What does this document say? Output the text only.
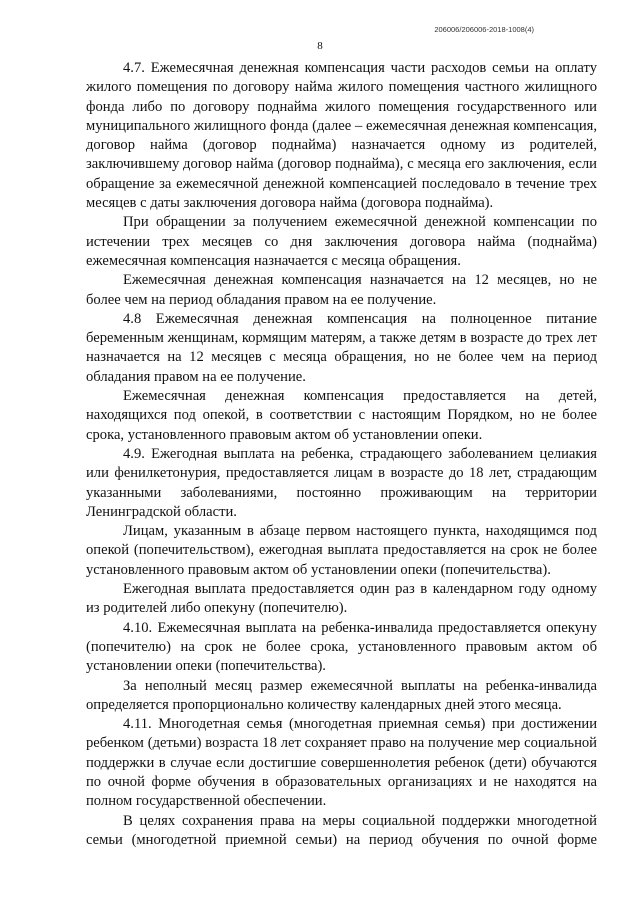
206006/206006-2018-1008(4)
8

4.7. Ежемесячная денежная компенсация части расходов семьи на оплату жилого помещения по договору найма жилого помещения частного жилищного фонда либо по договору поднайма жилого помещения государственного или муниципального жилищного фонда (далее – ежемесячная денежная компенсация, договор найма (договор поднайма) назначается одному из родителей, заключившему договор найма (договор поднайма), с месяца его заключения, если обращение за ежемесячной денежной компенсацией последовало в течение трех месяцев с даты заключения договора найма (договора поднайма).

При обращении за получением ежемесячной денежной компенсации по истечении трех месяцев со дня заключения договора найма (поднайма) ежемесячная компенсация назначается с месяца обращения.

Ежемесячная денежная компенсация назначается на 12 месяцев, но не более чем на период обладания правом на ее получение.

4.8 Ежемесячная денежная компенсация на полноценное питание беременным женщинам, кормящим матерям, а также детям в возрасте до трех лет назначается на 12 месяцев с месяца обращения, но не более чем на период обладания правом на ее получение.

Ежемесячная денежная компенсация предоставляется на детей, находящихся под опекой, в соответствии с настоящим Порядком, но не более срока, установленного правовым актом об установлении опеки.

4.9. Ежегодная выплата на ребенка, страдающего заболеванием целиакия или фенилкетонурия, предоставляется лицам в возрасте до 18 лет, страдающим указанными заболеваниями, постоянно проживающим на территории Ленинградской области.

Лицам, указанным в абзаце первом настоящего пункта, находящимся под опекой (попечительством), ежегодная выплата предоставляется на срок не более установленного правовым актом об установлении опеки (попечительства).

Ежегодная выплата предоставляется один раз в календарном году одному из родителей либо опекуну (попечителю).

4.10. Ежемесячная выплата на ребенка-инвалида предоставляется опекуну (попечителю) на срок не более срока, установленного правовым актом об установлении опеки (попечительства).

За неполный месяц размер ежемесячной выплаты на ребенка-инвалида определяется пропорционально количеству календарных дней этого месяца.

4.11. Многодетная семья (многодетная приемная семья) при достижении ребенком (детьми) возраста 18 лет сохраняет право на получение мер социальной поддержки в случае если достигшие совершеннолетия ребенок (дети) обучаются по очной форме обучения в образовательных организациях и не находятся на полном государственной обеспечении.

В целях сохранения права на меры социальной поддержки многодетной семьи (многодетной приемной семьи) на период обучения по очной форме
